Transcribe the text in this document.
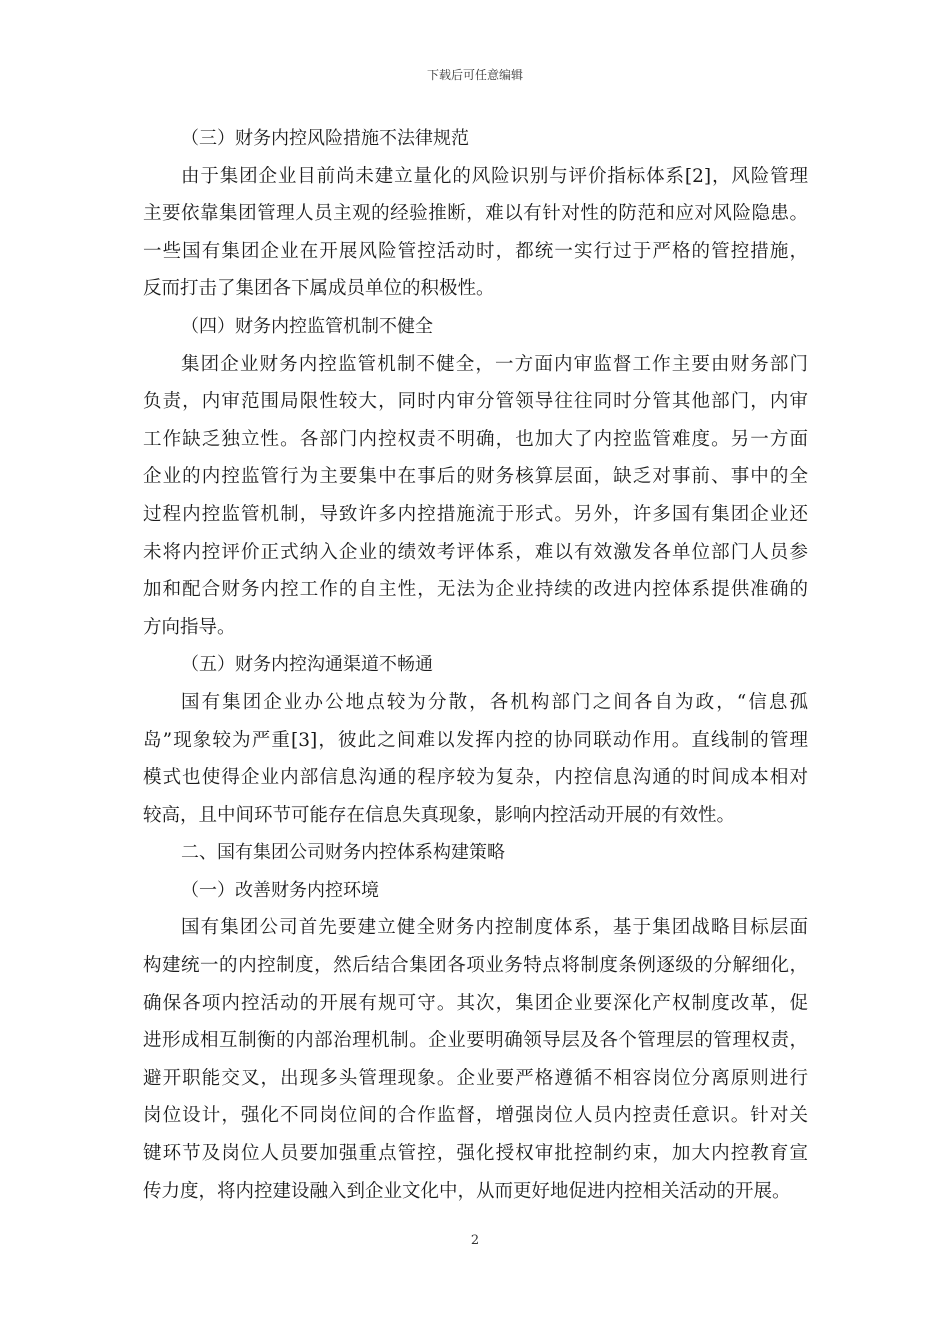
下载后可任意编辑
（三）财务内控风险措施不法律规范
由于集团企业目前尚未建立量化的风险识别与评价指标体系[2]，风险管理
主要依靠集团管理人员主观的经验推断，难以有针对性的防范和应对风险隐患。
一些国有集团企业在开展风险管控活动时，都统一实行过于严格的管控措施，
反而打击了集团各下属成员单位的积极性。
（四）财务内控监管机制不健全
集团企业财务内控监管机制不健全，一方面内审监督工作主要由财务部门
负责，内审范围局限性较大，同时内审分管领导往往同时分管其他部门，内审
工作缺乏独立性。各部门内控权责不明确，也加大了内控监管难度。另一方面
企业的内控监管行为主要集中在事后的财务核算层面，缺乏对事前、事中的全
过程内控监管机制，导致许多内控措施流于形式。另外，许多国有集团企业还
未将内控评价正式纳入企业的绩效考评体系，难以有效激发各单位部门人员参
加和配合财务内控工作的自主性，无法为企业持续的改进内控体系提供准确的
方向指导。
（五）财务内控沟通渠道不畅通
国有集团企业办公地点较为分散，各机构部门之间各自为政，“信息孤
岛”现象较为严重[3]，彼此之间难以发挥内控的协同联动作用。直线制的管理
模式也使得企业内部信息沟通的程序较为复杂，内控信息沟通的时间成本相对
较高，且中间环节可能存在信息失真现象，影响内控活动开展的有效性。
二、国有集团公司财务内控体系构建策略
（一）改善财务内控环境
国有集团公司首先要建立健全财务内控制度体系，基于集团战略目标层面
构建统一的内控制度，然后结合集团各项业务特点将制度条例逐级的分解细化，
确保各项内控活动的开展有规可守。其次，集团企业要深化产权制度改革，促
进形成相互制衡的内部治理机制。企业要明确领导层及各个管理层的管理权责，
避开职能交叉，出现多头管理现象。企业要严格遵循不相容岗位分离原则进行
岗位设计，强化不同岗位间的合作监督，增强岗位人员内控责任意识。针对关
键环节及岗位人员要加强重点管控，强化授权审批控制约束，加大内控教育宣
传力度，将内控建设融入到企业文化中，从而更好地促进内控相关活动的开展。
2
